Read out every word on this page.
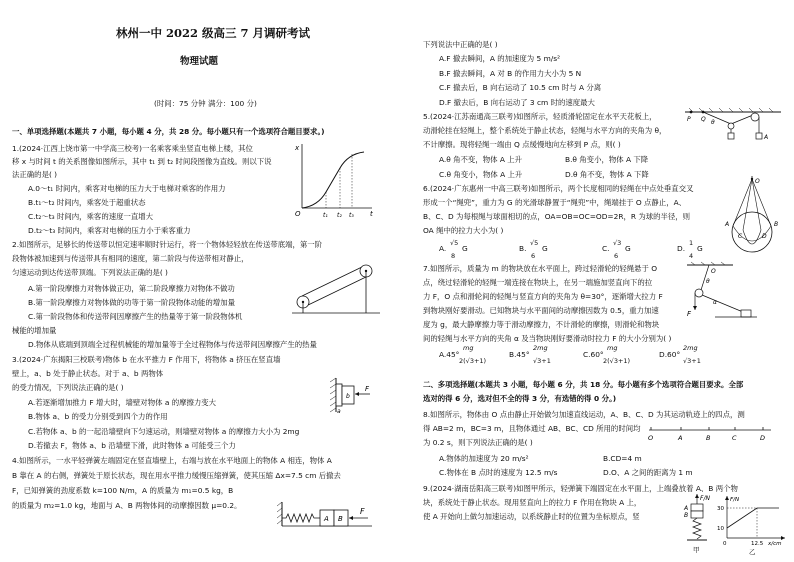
林州一中 2022 级高三 7 月调研考试
物理试题
(时间：75 分钟 满分：100 分)
一、单项选择题(本题共 7 小题，每小题 4 分，共 28 分。每小题只有一个选项符合题目要求。)
1.(2024·江西上饶市第一中学高三校考)一名乘客乘坐竖直电梯上楼，其位
移 x 与时间 t 的关系图像如图所示，其中 t₁ 到 t₂ 时间段图像为直线。则以下说
法正确的是( )
A.0～t₁ 时间内，乘客对电梯的压力大于电梯对乘客的作用力
B.t₁～t₂ 时间内，乘客处于超重状态
C.t₂～t₃ 时间内，乘客的速度一直增大
D.t₂～t₃ 时间内，乘客对电梯的压力小于乘客重力
x
O	t₁ t₂ t₃ t
2.如图所示，足够长的传送带以恒定速率顺时针运行，将一个物体轻轻放在传送带底端，第一阶
段物体被加速到与传送带具有相同的速度，第二阶段与传送带相对静止，
匀速运动到达传送带顶端。下列说法正确的是( )
A.第一阶段摩擦力对物体做正功，第二阶段摩擦力对物体不做功
B.第一阶段摩擦力对物体做的功等于第一阶段物体动能的增加量
C.第一阶段物体和传送带间因摩擦产生的热量等于第一阶段物体机
械能的增加量
D.物体从底端到顶端全过程机械能的增加量等于全过程物体与传送带间因摩擦产生的热量
3.(2024·广东揭阳三校联考)物体 b 在水平推力 F 作用下，将物体 a 挤压在竖直墙
壁上，a、b 处于静止状态。对于 a、b 两物体
的受力情况，下列说法正确的是( )
A.若逐渐增加推力 F 增大时，墙壁对物体 a 的摩擦力变大
B.物体 a、b 的受力分别受到四个力的作用
C.若物体 a、b 的一起沿墙壁向下匀速运动，则墙壁对物体 a 的摩擦力大小为 2mg
D.若撤去 F，物体 a、b 沿墙壁下滑，此时物体 a 可能受三个力
F
a
b
4.如图所示，一水平轻弹簧左端固定在竖直墙壁上，右端与放在水平地面上的物体 A 相连，物体 A
B 靠在 A 的右侧，弹簧处于原长状态，现在用水平推力缓慢压缩弹簧，使其压缩 Δx=7.5 cm 后撤去
F，已知弹簧的劲度系数 k=100 N/m，A 的质量为 m₁=0.5 kg，B
的质量为 m₂=1.0 kg，地面与 A、B 两物体间的动摩擦因数 μ=0.2。
A B
F
下列说法中正确的是( )
A.F 撤去瞬间，A 的加速度为 5 m/s²
B.F 撤去瞬间，A 对 B 的作用力大小为 5 N
C.F 撤去后，B 向右运动了 10.5 cm 时与 A 分离
D.F 撤去后，B 向右运动了 3 cm 时的速度最大
5.(2024·江苏南通高三联考)如图所示，轻质滑轮固定在水平天花板上，
动滑轮挂在轻绳上，整个系统处于静止状态，轻绳与水平方向的夹角为 θ，
不计摩擦。现将轻绳一端由 Q 点缓慢地向左移到 P 点，则( )
A.θ 角不变，物体 A 上升	B.θ 角变小，物体 A 下降
C.θ 角变小，物体 A 上升	D.θ 角不变，物体 A 下降
P Q
A
θ
6.(2024·广东惠州一中高三联考)如图所示，两个长度相同的轻绳在中点处垂直交叉
形成一个“绳兜”，重力为 G 的光滑球静置于“绳兜”中，绳端挂于 O 点静止，A、
B、C、D 为每根绳与球面相切的点，OA=OB=OC=OD=2R，R 为球的半径，则
OA 绳中的拉力大小为( )
A.
√5
8
G	B.
√5
6
G	C.
√3
6
G	D.
1
4
G
O
A	B
C	D
7.如图所示，质量为 m 的物块放在水平面上，跨过轻滑轮的轻绳悬于 O
点，绕过轻滑轮的轻绳一端连接在物块上，在另一端施加竖直向下的拉
力 F，O 点和滑轮间的轻绳与竖直方向的夹角为 θ=30°，逐渐增大拉力 F
到物块刚好要滑动。已知物块与水平面间的动摩擦因数为 0.5，重力加速
度为 g，最大静摩擦力等于滑动摩擦力，不计滑轮的摩擦，则滑轮和物块
间的轻绳与水平方向的夹角 α 及当物块刚好要滑动时拉力 F 的大小分别为( )
O
θ
F
α
A.45°
mg
2(√3+1)
B.45°
2mg
√3+1
C.60°
mg
2(√3+1)
D.60°
2mg
√3+1
二、多项选择题(本题共 3 小题，每小题 6 分，共 18 分。每小题有多个选项符合题目要求。全部
选对的得 6 分，选对但不全的得 3 分，有选错的得 0 分。)
8.如图所示，物体由 O 点由静止开始做匀加速直线运动，A、B、C、D 为其运动轨迹上的四点，测
得 AB=2 m，BC=3 m，且物体通过 AB、BC、CD 所用的时间均
为 0.2 s，则下列说法正确的是( )	O	A	B	C	D
A.物体的加速度为 20 m/s²	B.CD=4 m
C.物体在 B 点时的速度为 12.5 m/s	D.O、A 之间的距离为 1 m
9.(2024·湖南岳阳高三联考)如图甲所示，轻弹簧下端固定在水平面上，上端叠放着 A、B 两个物
块，系统处于静止状态。现用竖直向上的拉力 F 作用在物块 A 上，
使 A 开始向上做匀加速运动，以系统静止时的位置为坐标原点，竖
F/N
A
B
甲
F/N
30
10
0	12.5 x/cm
乙
